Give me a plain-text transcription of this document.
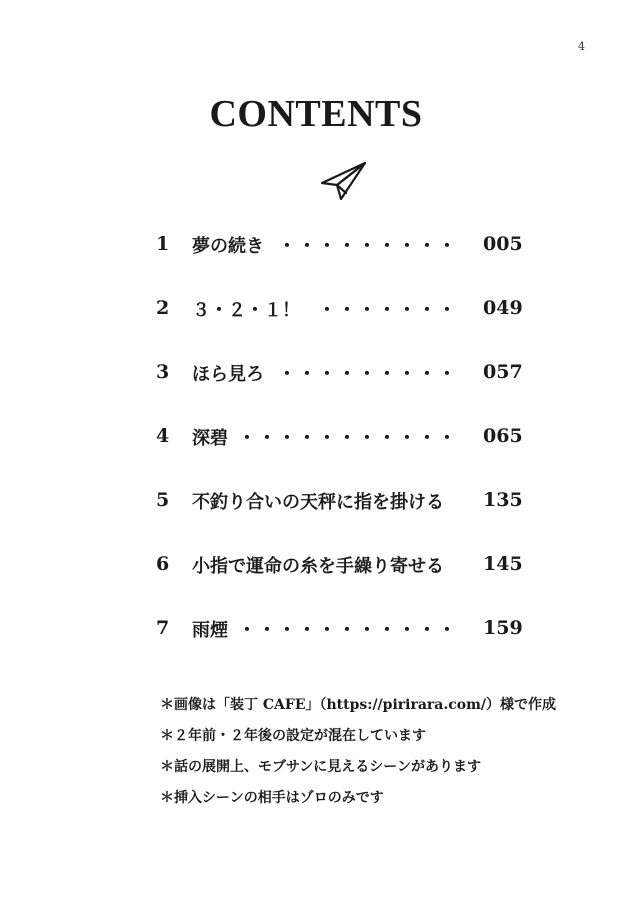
4
CONTENTS
1 夢の続き ・・・・・・・・・ 005
2 ３・２・１！ ・・・・・・・ 049
3 ほら見ろ ・・・・・・・・・ 057
4 深碧 ・・・・・・・・・・・ 065
5 不釣り合いの天秤に指を掛ける 135
6 小指で運命の糸を手繰り寄せる 145
7 雨煙 ・・・・・・・・・・・ 159
＊画像は「装丁 CAFE」（https://pirirara.com/）様で作成
＊２年前・２年後の設定が混在しています
＊話の展開上、モブサンに見えるシーンがあります
＊挿入シーンの相手はゾロのみです
